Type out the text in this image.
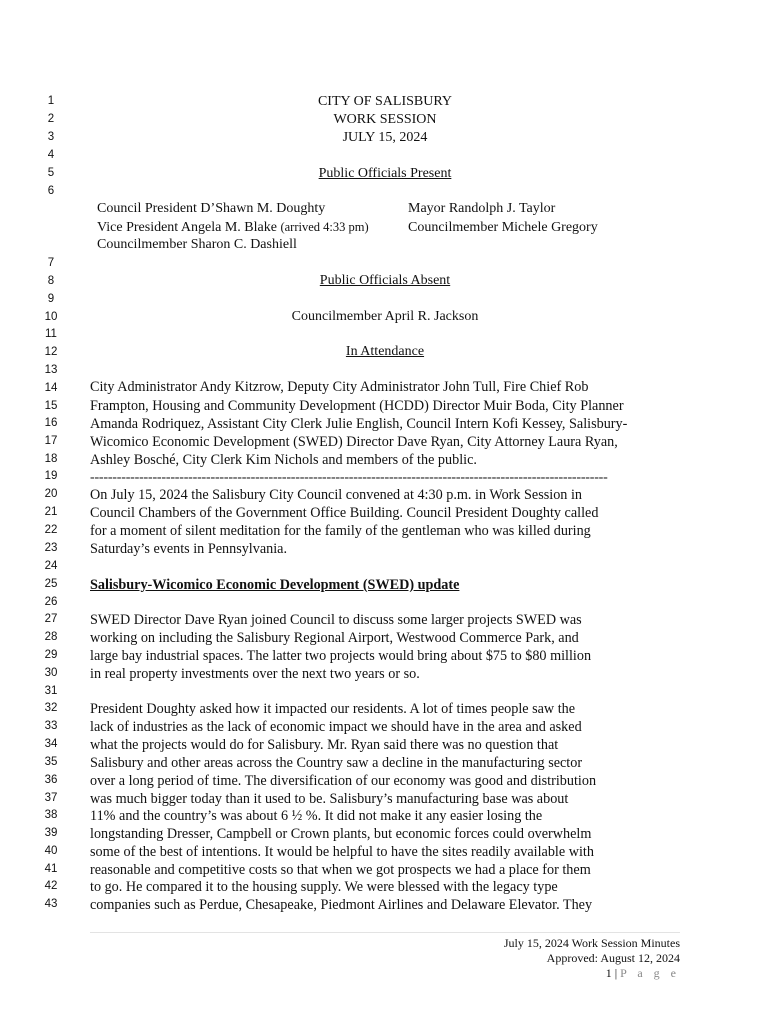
1
2
3
4
5
6
7
8
9
10
11
12
13
14
15
16
17
18
19
20
21
22
23
24
25
26
27
28
29
30
31
32
33
34
35
36
37
38
39
40
41
42
43
CITY OF SALISBURY
WORK SESSION
JULY 15, 2024
Public Officials Present
Council President D’Shawn M. Doughty
Vice President Angela M. Blake (arrived 4:33 pm)
Councilmember Sharon C. Dashiell
Mayor Randolph J. Taylor
Councilmember Michele Gregory
Public Officials Absent
Councilmember April R. Jackson
In Attendance
City Administrator Andy Kitzrow, Deputy City Administrator John Tull, Fire Chief Rob
Frampton, Housing and Community Development (HCDD) Director Muir Boda, City Planner
Amanda Rodriquez, Assistant City Clerk Julie English, Council Intern Kofi Kessey, Salisbury-
Wicomico Economic Development (SWED) Director Dave Ryan, City Attorney Laura Ryan,
Ashley Bosché, City Clerk Kim Nichols and members of the public.
--------------------------------------------------------------------------------------------------------------------
On July 15, 2024 the Salisbury City Council convened at 4:30 p.m. in Work Session in
Council Chambers of the Government Office Building. Council President Doughty called
for a moment of silent meditation for the family of the gentleman who was killed during
Saturday’s events in Pennsylvania.
Salisbury-Wicomico Economic Development (SWED) update
SWED Director Dave Ryan joined Council to discuss some larger projects SWED was
working on including the Salisbury Regional Airport, Westwood Commerce Park, and
large bay industrial spaces. The latter two projects would bring about $75 to $80 million
in real property investments over the next two years or so.
President Doughty asked how it impacted our residents. A lot of times people saw the
lack of industries as the lack of economic impact we should have in the area and asked
what the projects would do for Salisbury. Mr. Ryan said there was no question that
Salisbury and other areas across the Country saw a decline in the manufacturing sector
over a long period of time. The diversification of our economy was good and distribution
was much bigger today than it used to be. Salisbury’s manufacturing base was about
11% and the country’s was about 6 ½ %. It did not make it any easier losing the
longstanding Dresser, Campbell or Crown plants, but economic forces could overwhelm
some of the best of intentions. It would be helpful to have the sites readily available with
reasonable and competitive costs so that when we got prospects we had a place for them
to go. He compared it to the housing supply. We were blessed with the legacy type
companies such as Perdue, Chesapeake, Piedmont Airlines and Delaware Elevator. They
July 15, 2024 Work Session Minutes
Approved: August 12, 2024
1 | P a g e
